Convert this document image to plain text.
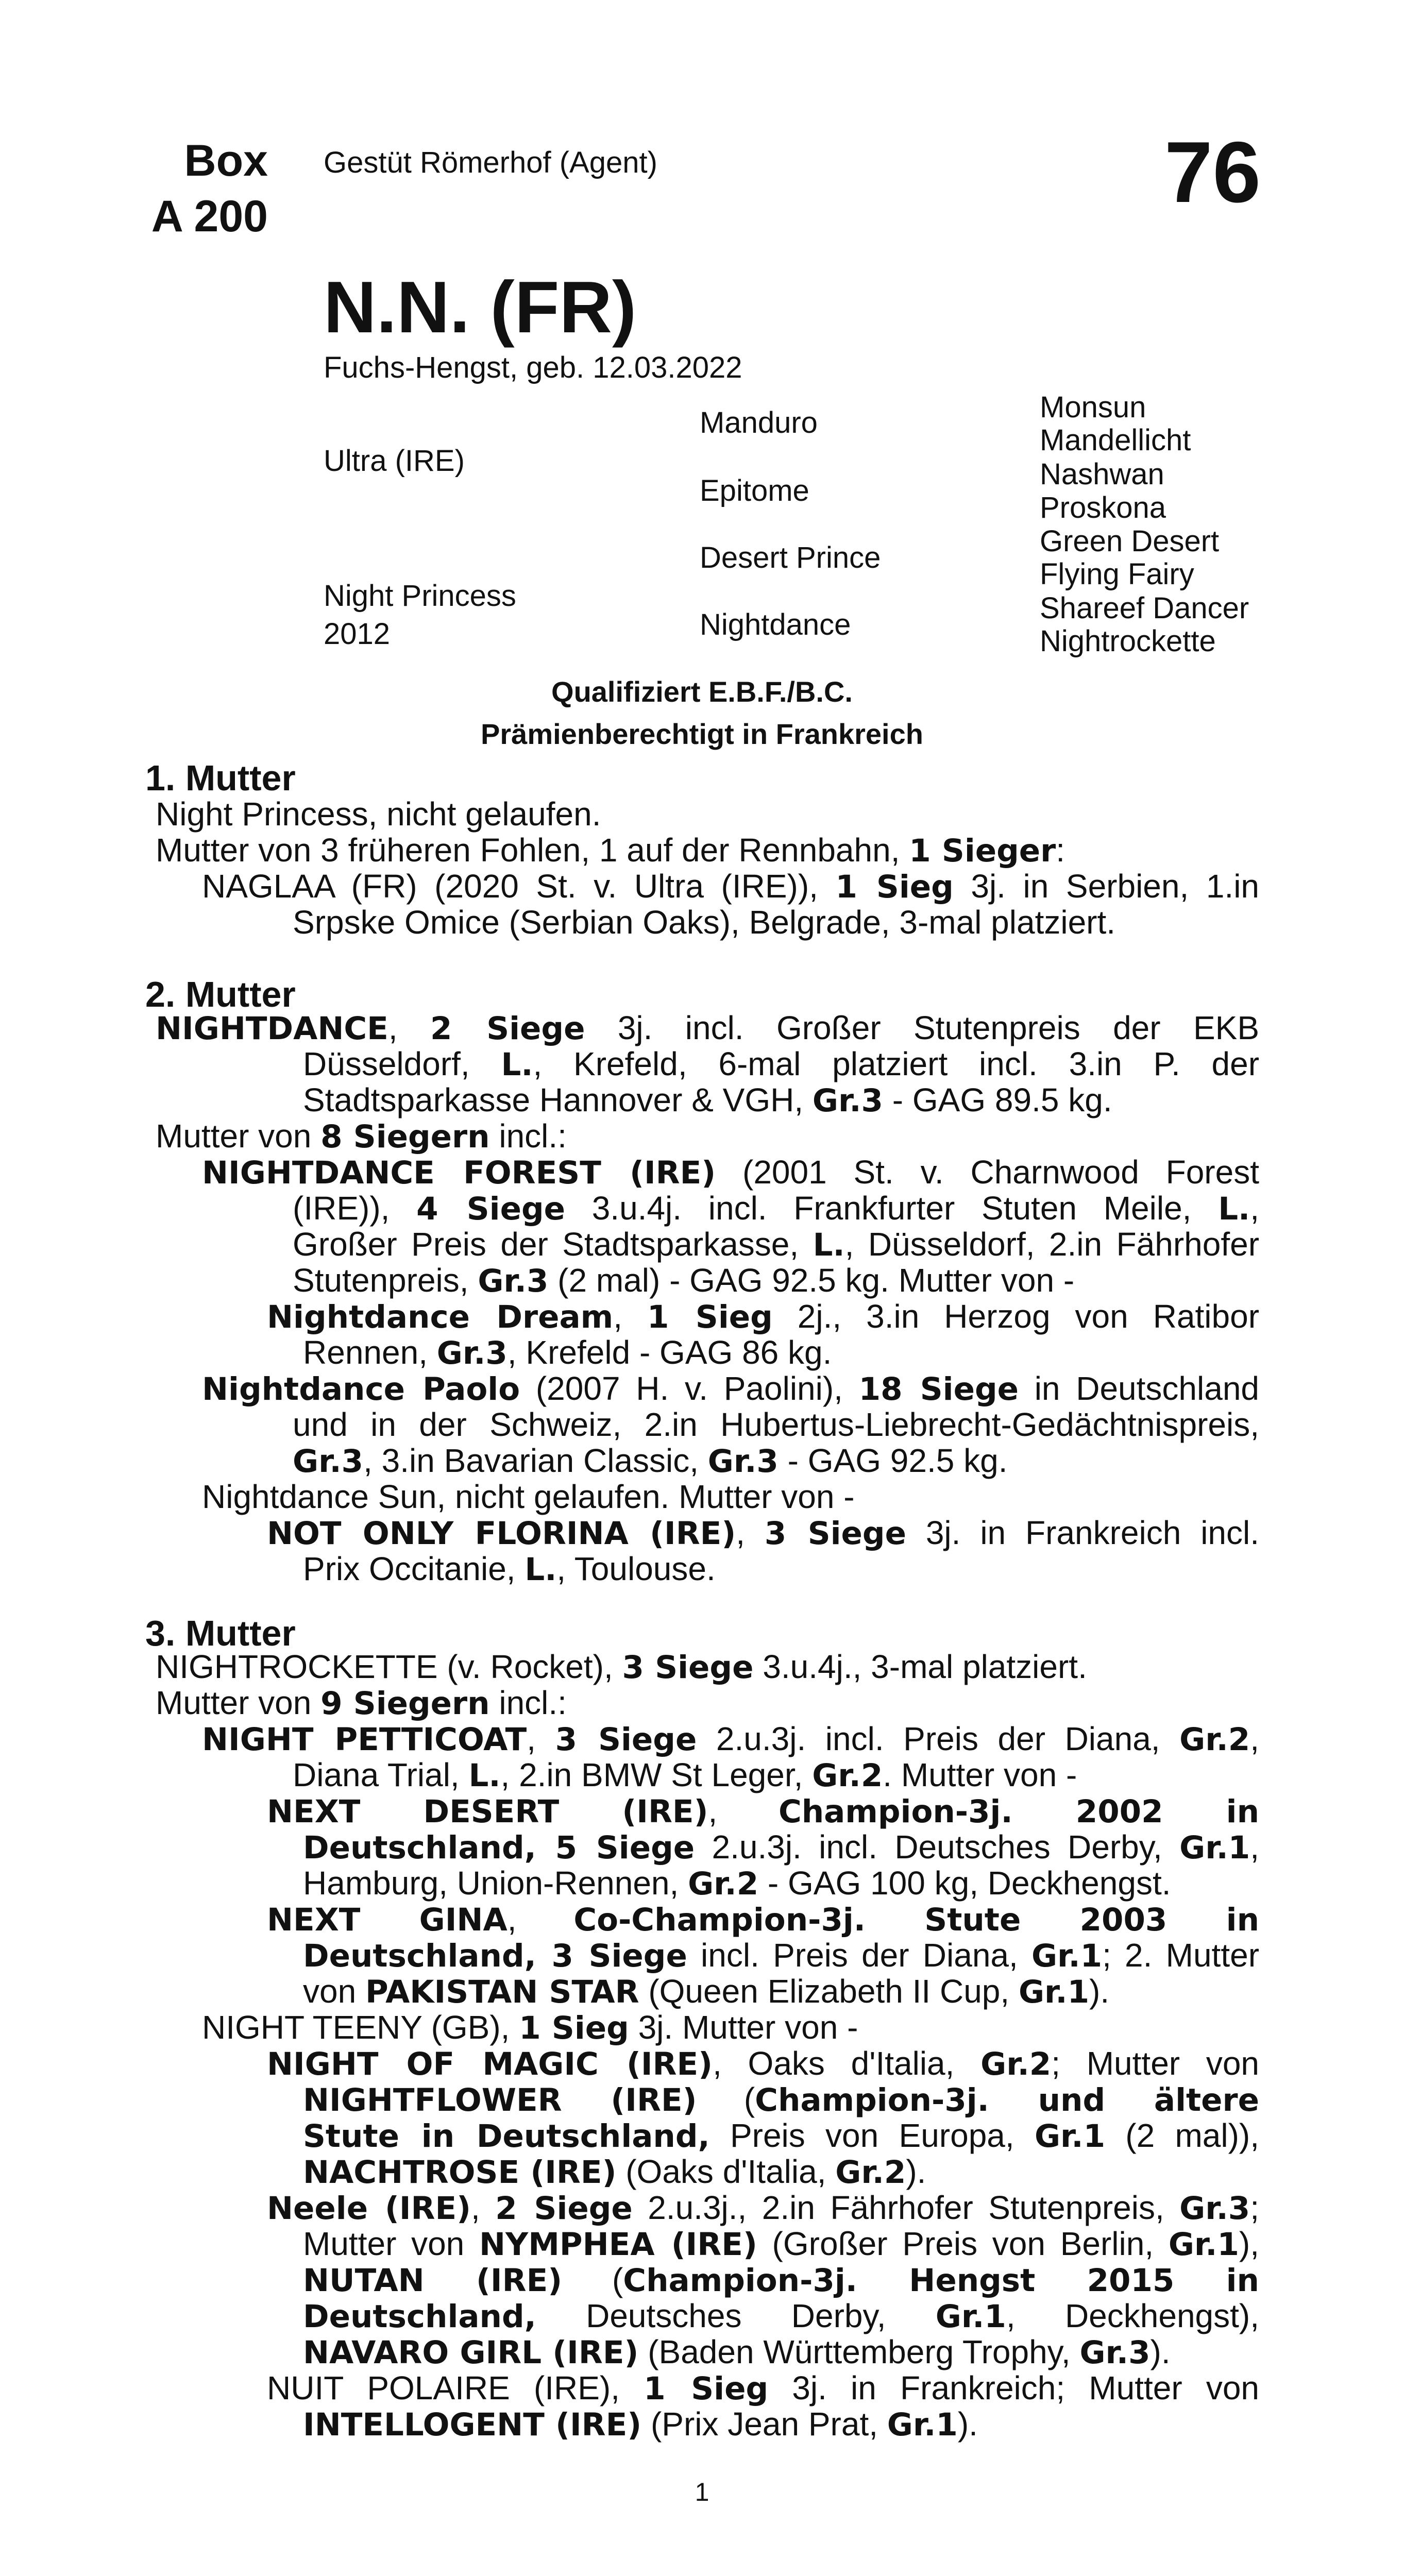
Box
A 200
Gestüt Römerhof (Agent)	76
N.N. (FR)
Fuchs-Hengst, geb. 12.03.2022
Ultra (IRE)
Night Princess
2012
Manduro
Epitome
Desert Prince
Nightdance
Monsun
Mandellicht
Nashwan
Proskona
Green Desert
Flying Fairy
Shareef Dancer
Nightrockette
Qualifiziert E.B.F./B.C.
Prämienberechtigt in Frankreich
1. Mutter
Night Princess, nicht gelaufen.
Mutter von 3 früheren Fohlen, 1 auf der Rennbahn, 1 Sieger:
NAGLAA (FR) (2020 St. v. Ultra (IRE)), 1 Sieg 3j. in Serbien, 1.in
Srpske Omice (Serbian Oaks), Belgrade, 3-mal platziert.
2. Mutter
NIGHTDANCE, 2 Siege 3j. incl. Großer Stutenpreis der EKB
Düsseldorf, L., Krefeld, 6-mal platziert incl. 3.in P. der
Stadtsparkasse Hannover & VGH, Gr.3 - GAG 89.5 kg.
Mutter von 8 Siegern incl.:
NIGHTDANCE FOREST (IRE) (2001 St. v. Charnwood Forest
(IRE)), 4 Siege 3.u.4j. incl. Frankfurter Stuten Meile, L.,
Großer Preis der Stadtsparkasse, L., Düsseldorf, 2.in Fährhofer
Stutenpreis, Gr.3 (2 mal) - GAG 92.5 kg. Mutter von -
Nightdance Dream, 1 Sieg 2j., 3.in Herzog von Ratibor
Rennen, Gr.3, Krefeld - GAG 86 kg.
Nightdance Paolo (2007 H. v. Paolini), 18 Siege in Deutschland
und in der Schweiz, 2.in Hubertus-Liebrecht-Gedächtnispreis,
Gr.3, 3.in Bavarian Classic, Gr.3 - GAG 92.5 kg.
Nightdance Sun, nicht gelaufen. Mutter von -
NOT ONLY FLORINA (IRE), 3 Siege 3j. in Frankreich incl.
Prix Occitanie, L., Toulouse.
3. Mutter
NIGHTROCKETTE (v. Rocket), 3 Siege 3.u.4j., 3-mal platziert.
Mutter von 9 Siegern incl.:
NIGHT PETTICOAT, 3 Siege 2.u.3j. incl. Preis der Diana, Gr.2,
Diana Trial, L., 2.in BMW St Leger, Gr.2. Mutter von -
NEXT DESERT (IRE), Champion-3j. 2002 in
Deutschland, 5 Siege 2.u.3j. incl. Deutsches Derby, Gr.1,
Hamburg, Union-Rennen, Gr.2 - GAG 100 kg, Deckhengst.
NEXT GINA, Co-Champion-3j. Stute 2003 in
Deutschland, 3 Siege incl. Preis der Diana, Gr.1; 2. Mutter
von PAKISTAN STAR (Queen Elizabeth II Cup, Gr.1).
NIGHT TEENY (GB), 1 Sieg 3j. Mutter von -
NIGHT OF MAGIC (IRE), Oaks d'Italia, Gr.2; Mutter von
NIGHTFLOWER (IRE) (Champion-3j. und ältere
Stute in Deutschland, Preis von Europa, Gr.1 (2 mal)),
NACHTROSE (IRE) (Oaks d'Italia, Gr.2).
Neele (IRE), 2 Siege 2.u.3j., 2.in Fährhofer Stutenpreis, Gr.3;
Mutter von NYMPHEA (IRE) (Großer Preis von Berlin, Gr.1),
NUTAN (IRE) (Champion-3j. Hengst 2015 in
Deutschland, Deutsches Derby, Gr.1, Deckhengst),
NAVARO GIRL (IRE) (Baden Württemberg Trophy, Gr.3).
NUIT POLAIRE (IRE), 1 Sieg 3j. in Frankreich; Mutter von
INTELLOGENT (IRE) (Prix Jean Prat, Gr.1).
1
